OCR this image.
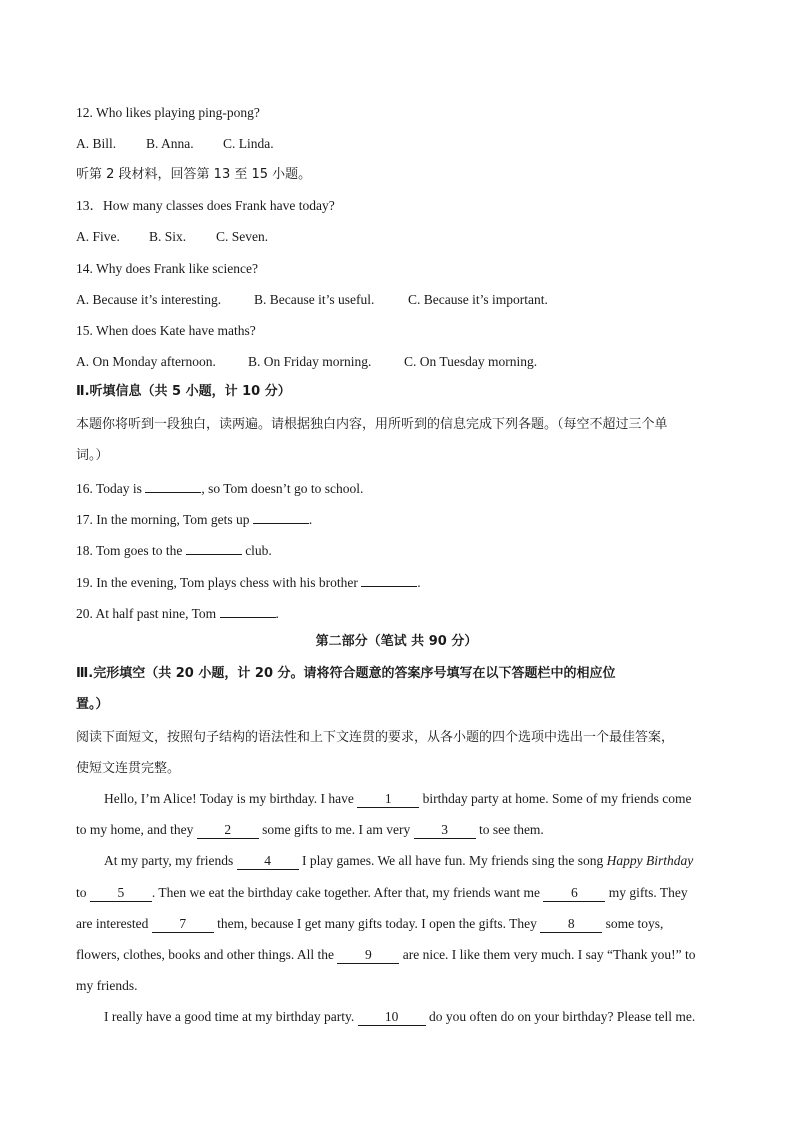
12. Who likes playing ping-pong?
A. Bill. B. Anna. C. Linda.
听第 2 段材料，回答第 13 至 15 小题。
13．How many classes does Frank have today?
A. Five. B. Six. C. Seven.
14. Why does Frank like science?
A. Because it’s interesting. B. Because it’s useful. C. Because it’s important.
15. When does Kate have maths?
A. On Monday afternoon. B. On Friday morning. C. On Tuesday morning.
Ⅱ.听填信息（共 5 小题，计 10 分）
本题你将听到一段独白，读两遍。请根据独白内容，用所听到的信息完成下列各题。（每空不超过三个单
词。）
16. Today is	, so Tom doesn’t go to school.
17. In the morning, Tom gets up	.
18. Tom goes to the	club.
19. In the evening, Tom plays chess with his brother	.
20. At half past nine, Tom	.
第二部分（笔试 共 90 分）
Ⅲ.完形填空（共 20 小题，计 20 分。请将符合题意的答案序号填写在以下答题栏中的相应位
置。）
阅读下面短文，按照句子结构的语法性和上下文连贯的要求，从各小题的四个选项中选出一个最佳答案，
使短文连贯完整。
Hello, I’m Alice! Today is my birthday. I have 1 birthday party at home. Some of my friends come
to my home, and they 2 some gifts to me. I am very 3 to see them.
At my party, my friends 4 I play games. We all have fun. My friends sing the song Happy Birthday
to 5 . Then we eat the birthday cake together. After that, my friends want me 6 my gifts. They
are interested 7 them, because I get many gifts today. I open the gifts. They 8 some toys,
flowers, clothes, books and other things. All the 9 are nice. I like them very much. I say “Thank you!” to
my friends.
I really have a good time at my birthday party. 10 do you often do on your birthday? Please tell me.
